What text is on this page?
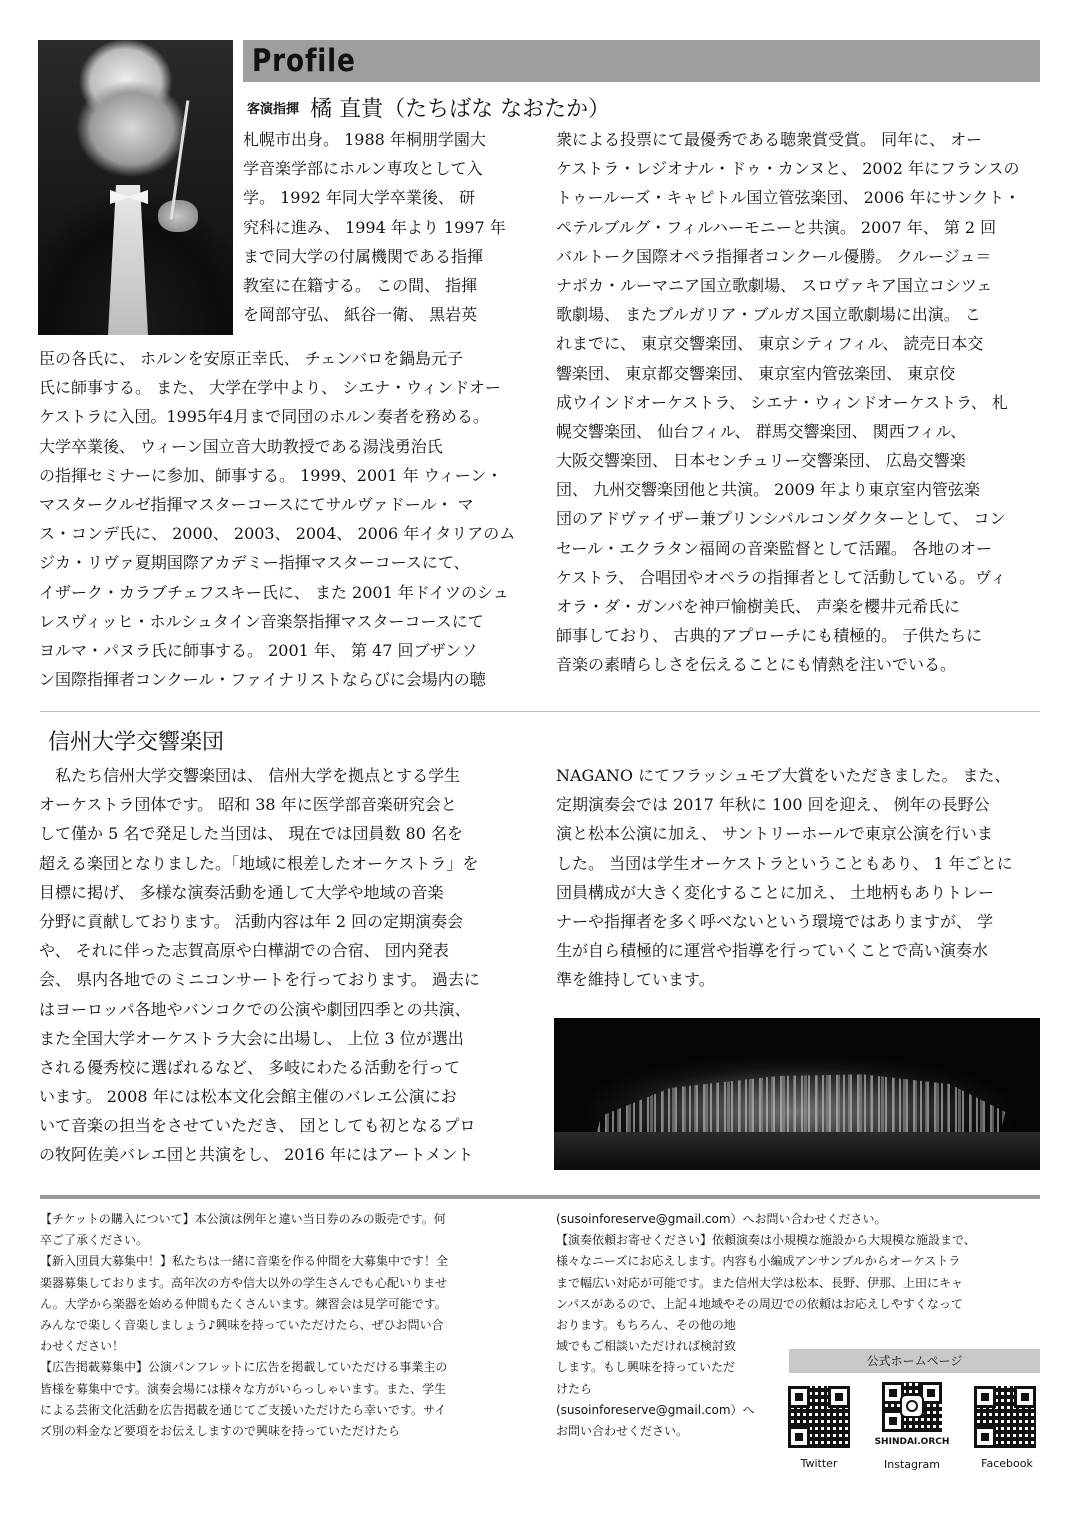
Profile
客演指揮 橘 直貴（たちばな なおたか）
札幌市出身。 1988 年桐朋学園大
学音楽学部にホルン専攻として入
学。 1992 年同大学卒業後、 研
究科に進み、 1994 年より 1997 年
まで同大学の付属機関である指揮
教室に在籍する。 この間、 指揮
を岡部守弘、 紙谷一衛、 黒岩英
臣の各氏に、 ホルンを安原正幸氏、 チェンバロを鍋島元子
氏に師事する。 また、 大学在学中より、 シエナ・ウィンドオー
ケストラに入団。1995年4月まで同団のホルン奏者を務める。
大学卒業後、 ウィーン国立音大助教授である湯浅勇治氏
の指揮セミナーに参加、師事する。 1999、2001 年 ウィーン・
マスタークルゼ指揮マスターコースにてサルヴァドール・ マ
ス・コンデ氏に、 2000、 2003、 2004、 2006 年イタリアのム
ジカ・リヴァ夏期国際アカデミー指揮マスターコースにて、
イザーク・カラブチェフスキー氏に、 また 2001 年ドイツのシュ
レスヴィッヒ・ホルシュタイン音楽祭指揮マスターコースにて
ヨルマ・パヌラ氏に師事する。 2001 年、 第 47 回ブザンソ
ン国際指揮者コンクール・ファイナリストならびに会場内の聴
衆による投票にて最優秀である聴衆賞受賞。 同年に、 オー
ケストラ・レジオナル・ドゥ・カンヌと、 2002 年にフランスの
トゥールーズ・キャピトル国立管弦楽団、 2006 年にサンクト・
ペテルブルグ・フィルハーモニーと共演。 2007 年、 第 2 回
バルトーク国際オペラ指揮者コンクール優勝。 クルージュ＝
ナポカ・ルーマニア国立歌劇場、 スロヴァキア国立コシツェ
歌劇場、 またブルガリア・ブルガス国立歌劇場に出演。 こ
れまでに、 東京交響楽団、 東京シティフィル、 読売日本交
響楽団、 東京都交響楽団、 東京室内管弦楽団、 東京佼
成ウインドオーケストラ、 シエナ・ウィンドオーケストラ、 札
幌交響楽団、 仙台フィル、 群馬交響楽団、 関西フィル、
大阪交響楽団、 日本センチュリー交響楽団、 広島交響楽
団、 九州交響楽団他と共演。 2009 年より東京室内管弦楽
団のアドヴァイザー兼プリンシパルコンダクターとして、 コン
セール・エクラタン福岡の音楽監督として活躍。 各地のオー
ケストラ、 合唱団やオペラの指揮者として活動している。ヴィ
オラ・ダ・ガンバを神戸愉樹美氏、 声楽を櫻井元希氏に
師事しており、 古典的アプローチにも積極的。 子供たちに
音楽の素晴らしさを伝えることにも情熱を注いでいる。
信州大学交響楽団
　私たち信州大学交響楽団は、 信州大学を拠点とする学生
オーケストラ団体です。 昭和 38 年に医学部音楽研究会と
して僅か 5 名で発足した当団は、 現在では団員数 80 名を
超える楽団となりました。「地域に根差したオーケストラ」を
目標に掲げ、 多様な演奏活動を通して大学や地域の音楽
分野に貢献しております。 活動内容は年 2 回の定期演奏会
や、 それに伴った志賀高原や白樺湖での合宿、 団内発表
会、 県内各地でのミニコンサートを行っております。 過去に
はヨーロッパ各地やバンコクでの公演や劇団四季との共演、
また全国大学オーケストラ大会に出場し、 上位 3 位が選出
される優秀校に選ばれるなど、 多岐にわたる活動を行って
います。 2008 年には松本文化会館主催のバレエ公演にお
いて音楽の担当をさせていただき、 団としても初となるプロ
の牧阿佐美バレエ団と共演をし、 2016 年にはアートメント
NAGANO にてフラッシュモブ大賞をいただきました。 また、
定期演奏会では 2017 年秋に 100 回を迎え、 例年の長野公
演と松本公演に加え、 サントリーホールで東京公演を行いま
した。 当団は学生オーケストラということもあり、 1 年ごとに
団員構成が大きく変化することに加え、 土地柄もありトレー
ナーや指揮者を多く呼べないという環境ではありますが、 学
生が自ら積極的に運営や指導を行っていくことで高い演奏水
準を維持しています。
【チケットの購入について】本公演は例年と違い当日券のみの販売です。何
卒ご了承ください。
【新入団員大募集中！】私たちは一緒に音楽を作る仲間を大募集中です！全
楽器募集しております。高年次の方や信大以外の学生さんでも心配いりませ
ん。大学から楽器を始める仲間もたくさんいます。練習会は見学可能です。
みんなで楽しく音楽しましょう♪興味を持っていただけたら、ぜひお問い合
わせください！
【広告掲載募集中】公演パンフレットに広告を掲載していただける事業主の
皆様を募集中です。演奏会場には様々な方がいらっしゃいます。また、学生
による芸術文化活動を広告掲載を通じてご支援いただけたら幸いです。サイ
ズ別の料金など要項をお伝えしますので興味を持っていただけたら
(susoinforeserve@gmail.com）へお問い合わせください。
【演奏依頼お寄せください】依頼演奏は小規模な施設から大規模な施設まで、
様々なニーズにお応えします。内容も小編成アンサンブルからオーケストラ
まで幅広い対応が可能です。また信州大学は松本、長野、伊那、上田にキャ
ンパスがあるので、上記４地域やその周辺での依頼はお応えしやすくなって
おります。もちろん、その他の地
域でもご相談いただければ検討致
します。もし興味を持っていただ
けたら
(susoinforeserve@gmail.com）へ
お問い合わせください。
公式ホームページ
Twitter
SHINDAI.ORCH
Instagram	Facebook
